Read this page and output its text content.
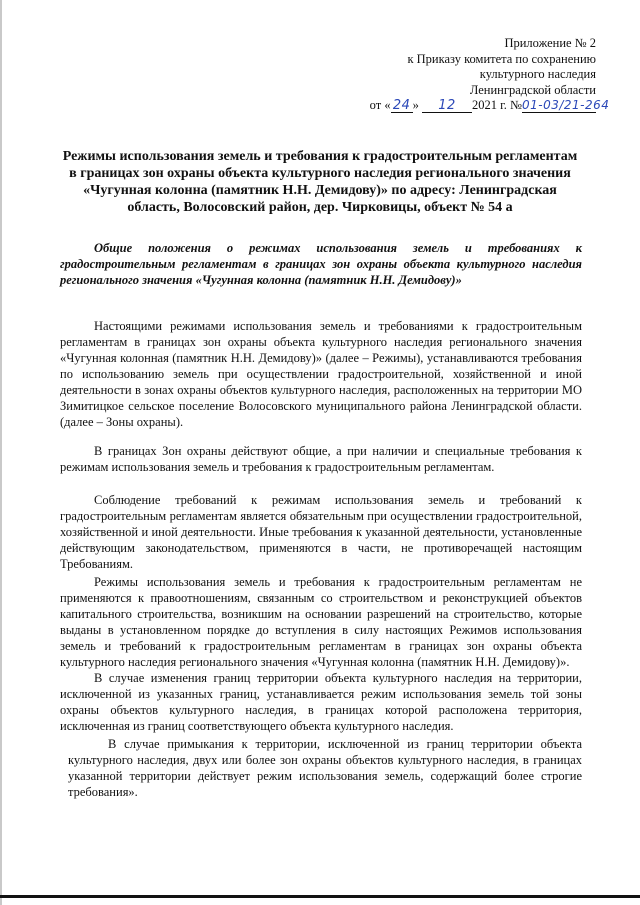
Приложение № 2
к Приказу комитета по сохранению
культурного наследия
Ленинградской области
от « 24 » 12 2021 г. №01-03/21-264
Режимы использования земель и требования к градостроительным регламентам в границах зон охраны объекта культурного наследия регионального значения «Чугунная колонна (памятник Н.Н. Демидову)» по адресу: Ленинградская область, Волосовский район, дер. Чирковицы, объект № 54 а
Общие положения о режимах использования земель и требованиях к градостроительным регламентам в границах зон охраны объекта культурного наследия регионального значения «Чугунная колонна (памятник Н.Н. Демидову)»
Настоящими режимами использования земель и требованиями к градостроительным регламентам в границах зон охраны объекта культурного наследия регионального значения «Чугунная колонная (памятник Н.Н. Демидову)» (далее – Режимы), устанавливаются требования по использованию земель при осуществлении градостроительной, хозяйственной и иной деятельности в зонах охраны объектов культурного наследия, расположенных на территории МО Зимитицкое сельское поселение Волосовского муниципального района Ленинградской области. (далее – Зоны охраны).
В границах Зон охраны действуют общие, а при наличии и специальные требования к режимам использования земель и требования к градостроительным регламентам.
Соблюдение требований к режимам использования земель и требований к градостроительным регламентам является обязательным при осуществлении градостроительной, хозяйственной и иной деятельности. Иные требования к указанной деятельности, установленные действующим законодательством, применяются в части, не противоречащей настоящим Требованиям.
Режимы использования земель и требования к градостроительным регламентам не применяются к правоотношениям, связанным со строительством и реконструкцией объектов капитального строительства, возникшим на основании разрешений на строительство, которые выданы в установленном порядке до вступления в силу настоящих Режимов использования земель и требований к градостроительным регламентам в границах зон охраны объекта культурного наследия регионального значения «Чугунная колонна (памятник Н.Н. Демидову)».
В случае изменения границ территории объекта культурного наследия на территории, исключенной из указанных границ, устанавливается режим использования земель той зоны охраны объектов культурного наследия, в границах которой расположена территория, исключенная из границ соответствующего объекта культурного наследия.
В случае примыкания к территории, исключенной из границ территории объекта культурного наследия, двух или более зон охраны объектов культурного наследия, в границах указанной территории действует режим использования земель, содержащий более строгие требования».
